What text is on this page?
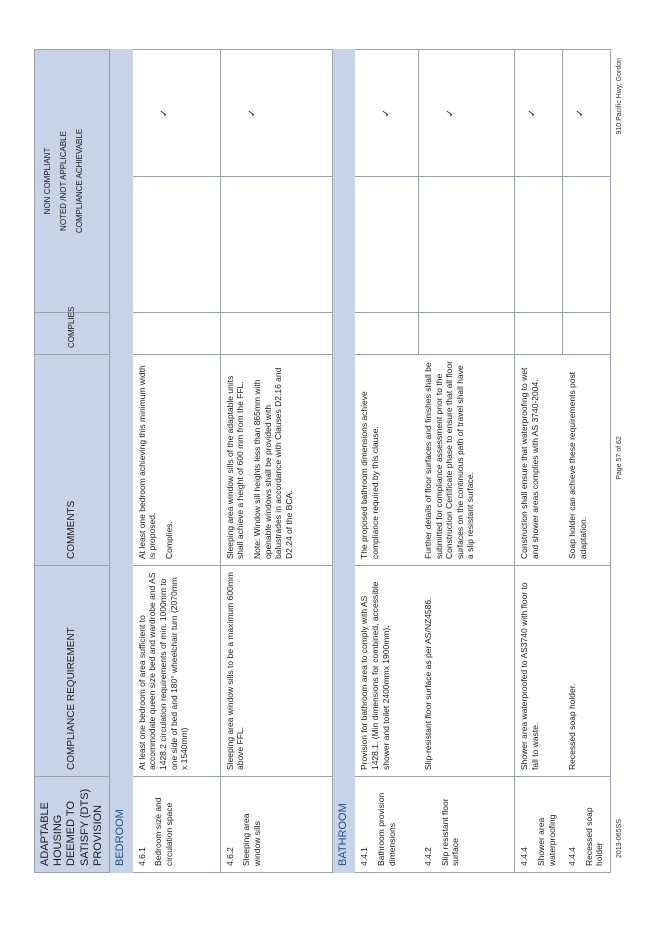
ADAPTABLE HOUSING DEEMED TO SATISFY (DTS) PROVISION	COMPLIANCE REQUIREMENT	COMMENTS	COMPLIES	NON COMPLIANT NOTED /NOT APPLICABLE COMPLIANCE ACHIEVABLE	

BEDROOM					

4.6.1 Bedroom size and circulation space	At least one bedroom of area sufficient to accommodate queen size bed and wardrobe and AS 1428.2 circulation requirements of min. 1000mm to one side of bed and 180° wheelchair turn (2070mm x 1540mm)	At least one bedroom achieving this minimum width is proposed. Complies.			✓

4.6.2 Sleeping area window sills	Sleeping area window sills to be a maximum 600mm above FFL.	Sleeping area window sills of the adaptable units shall achieve a height of 600 mm from the FFL. Note: Window sill heights less than 865mm with openable windows shall be provided with balustrades in accordance with Clauses D2.16 and D2.24 of the BCA.			✓

BATHROOM					

4.4.1 Bathroom provision dimensions	Provision for bathroom area to comply with AS 1428.1. (Min dimensions for combined, accessible shower and toilet 2400mmx 1900mm).	The proposed bathroom dimensions achieve compliance required by this clause.			✓

4.4.2 Slip resistant floor surface	Slip-resistant floor surface as per AS/NZ4586.	Further details of floor surfaces and finishes shall be submitted for compliance assessment prior to the Construction Certificate phase to ensure that all floor surfaces on the continuous path of travel shall have a slip resistant surface.			✓

4.4.4 Shower area waterproofing	Shower area waterproofed to AS3740 with floor to fall to waste.	Construction shall ensure that waterproofing to wet and shower areas complies with AS 3740-2004.			✓

4.4.4 Recessed soap holder	Recessed soap holder.	Soap holder can achieve these requirements post adaptation.			✓
2013-065SS
Page 57 of 62
910 Pacific Hwy, Gordon
